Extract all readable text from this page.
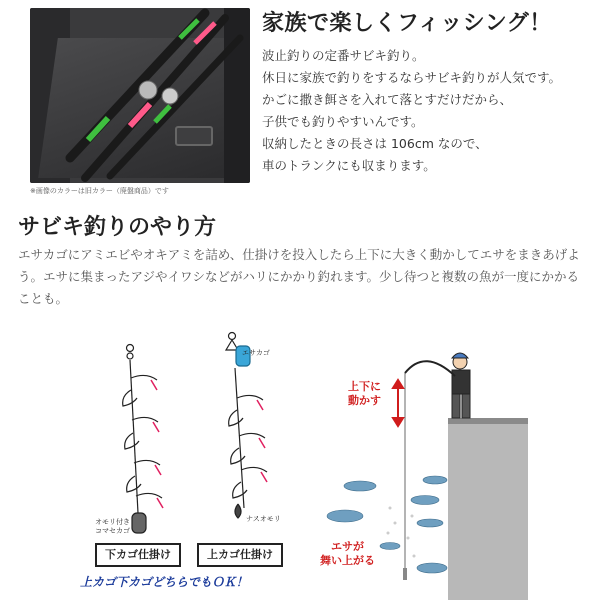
※画像のカラーは旧カラー（廃盤商品）です
家族で楽しくフィッシング！

波止釣りの定番サビキ釣り。

休日に家族で釣りをするならサビキ釣りが人気です。

かごに撒き餌さを入れて落とすだけだから、

子供でも釣りやすいんです。

収納したときの長さは 106cm なので、

車のトランクにも収まります。

サビキ釣りのやり方
エサカゴにアミエビやオキアミを詰め、仕掛けを投入したら上下に大きく動かしてエサをまきあげよう。エサに集まったアジやイワシなどがハリにかかり釣れます。少し待つと複数の魚が一度にかかることも。
エサカゴ
オモリ付き
コマセカゴ
ナスオモリ
下カゴ仕掛け	上カゴ仕掛け
上カゴ下カゴどちらでもＯＫ！
上下に
動かす
エサが
舞い上がる
